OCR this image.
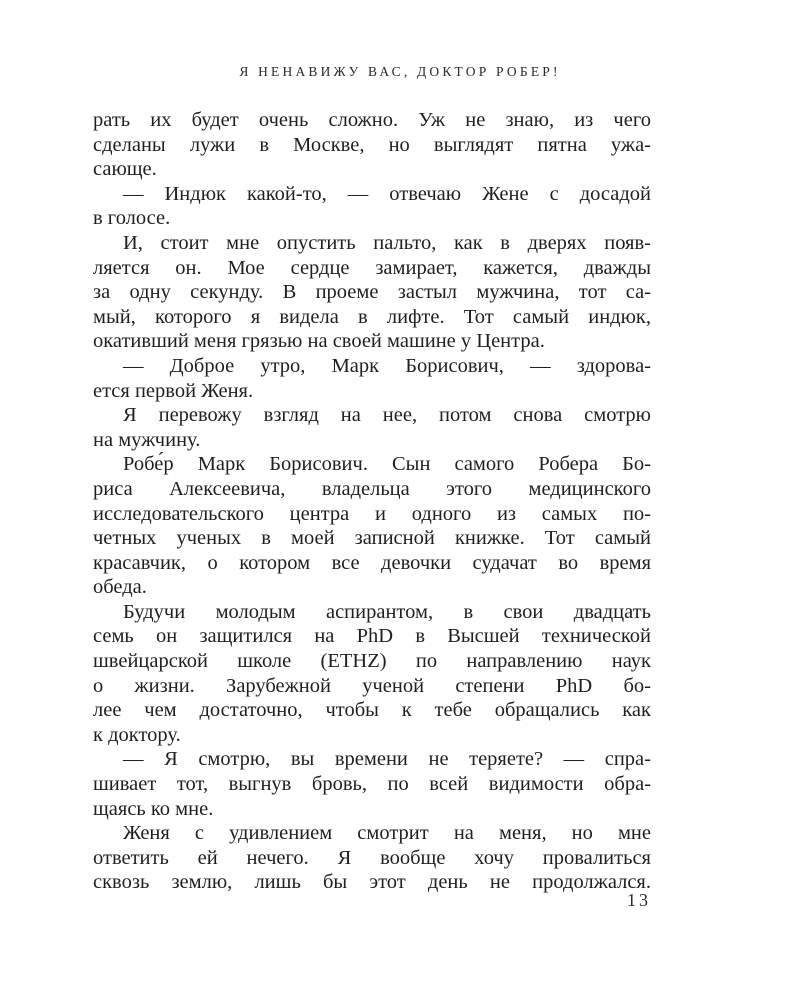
Я НЕНАВИЖУ ВАС, ДОКТОР РОБЕР!
рать их будет очень сложно. Уж не знаю, из чего
сделаны лужи в Москве, но выглядят пятна ужа-
сающе.
— Индюк какой-то, — отвечаю Жене с досадой
в голосе.
И, стоит мне опустить пальто, как в дверях появ-
ляется он. Мое сердце замирает, кажется, дважды
за одну секунду. В проеме застыл мужчина, тот са-
мый, которого я видела в лифте. Тот самый индюк,
окативший меня грязью на своей машине у Центра.
— Доброе утро, Марк Борисович, — здорова-
ется первой Женя.
Я перевожу взгляд на нее, потом снова смотрю
на мужчину.
Робе́р Марк Борисович. Сын самого Робера Бо-
риса Алексеевича, владельца этого медицинского
исследовательского центра и одного из самых по-
четных ученых в моей записной книжке. Тот самый
красавчик, о котором все девочки судачат во время
обеда.
Будучи молодым аспирантом, в свои двадцать
семь он защитился на PhD в Высшей технической
швейцарской школе (ETHZ) по направлению наук
о жизни. Зарубежной ученой степени PhD бо-
лее чем достаточно, чтобы к тебе обращались как
к доктору.
— Я смотрю, вы времени не теряете? — спра-
шивает тот, выгнув бровь, по всей видимости обра-
щаясь ко мне.
Женя с удивлением смотрит на меня, но мне
ответить ей нечего. Я вообще хочу провалиться
сквозь землю, лишь бы этот день не продолжался.
13
